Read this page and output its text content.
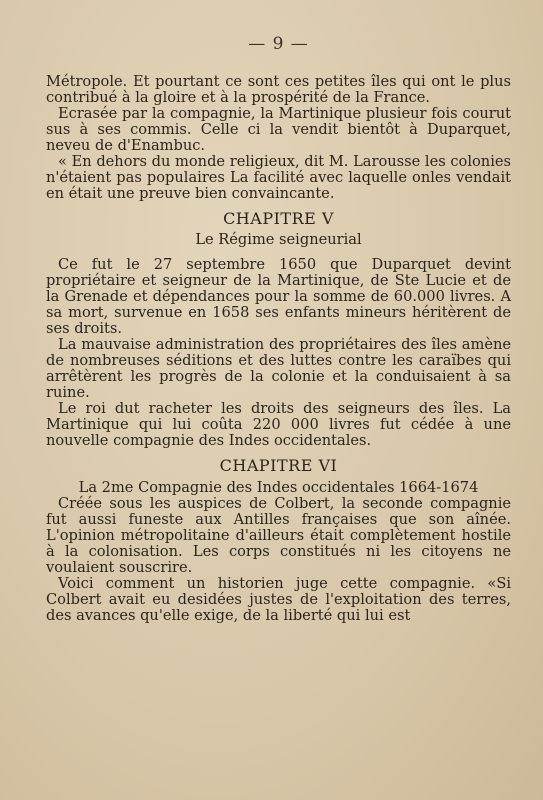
— 9 —

Métropole. Et pourtant ce sont ces petites îles qui ont le plus contribué à la gloire et à la prospérité de la France.

Ecrasée par la compagnie, la Martinique plusieur fois courut sus à ses commis. Celle ci la vendit bientôt à Duparquet, neveu de d'Enambuc.

« En dehors du monde religieux, dit M. Larousse les colonies n'étaient pas populaires La facilité avec laquelle onles vendait en était une preuve bien convaincante.

CHAPITRE V
Le Régime seigneurial

Ce fut le 27 septembre 1650 que Duparquet devint propriétaire et seigneur de la Martinique, de Ste Lucie et de la Grenade et dépendances pour la somme de 60.000 livres. A sa mort, survenue en 1658 ses enfants mineurs héritèrent de ses droits.

La mauvaise administration des propriétaires des îles amène de nombreuses séditions et des luttes contre les caraïbes qui arrêtèrent les progrès de la colonie et la conduisaient à sa ruine.

Le roi dut racheter les droits des seigneurs des îles. La Martinique qui lui coûta 220 000 livres fut cédée à une nouvelle compagnie des Indes occidentales.

CHAPITRE VI
La 2me Compagnie des Indes occidentales 1664-1674

Créée sous les auspices de Colbert, la seconde compagnie fut aussi funeste aux Antilles françaises que son aînée. L'opinion métropolitaine d'ailleurs était complètement hostile à la colonisation. Les corps constitués ni les citoyens ne voulaient souscrire.

Voici comment un historien juge cette compagnie. «Si Colbert avait eu desidées justes de l'exploitation des terres, des avances qu'elle exige, de la liberté qui lui est
